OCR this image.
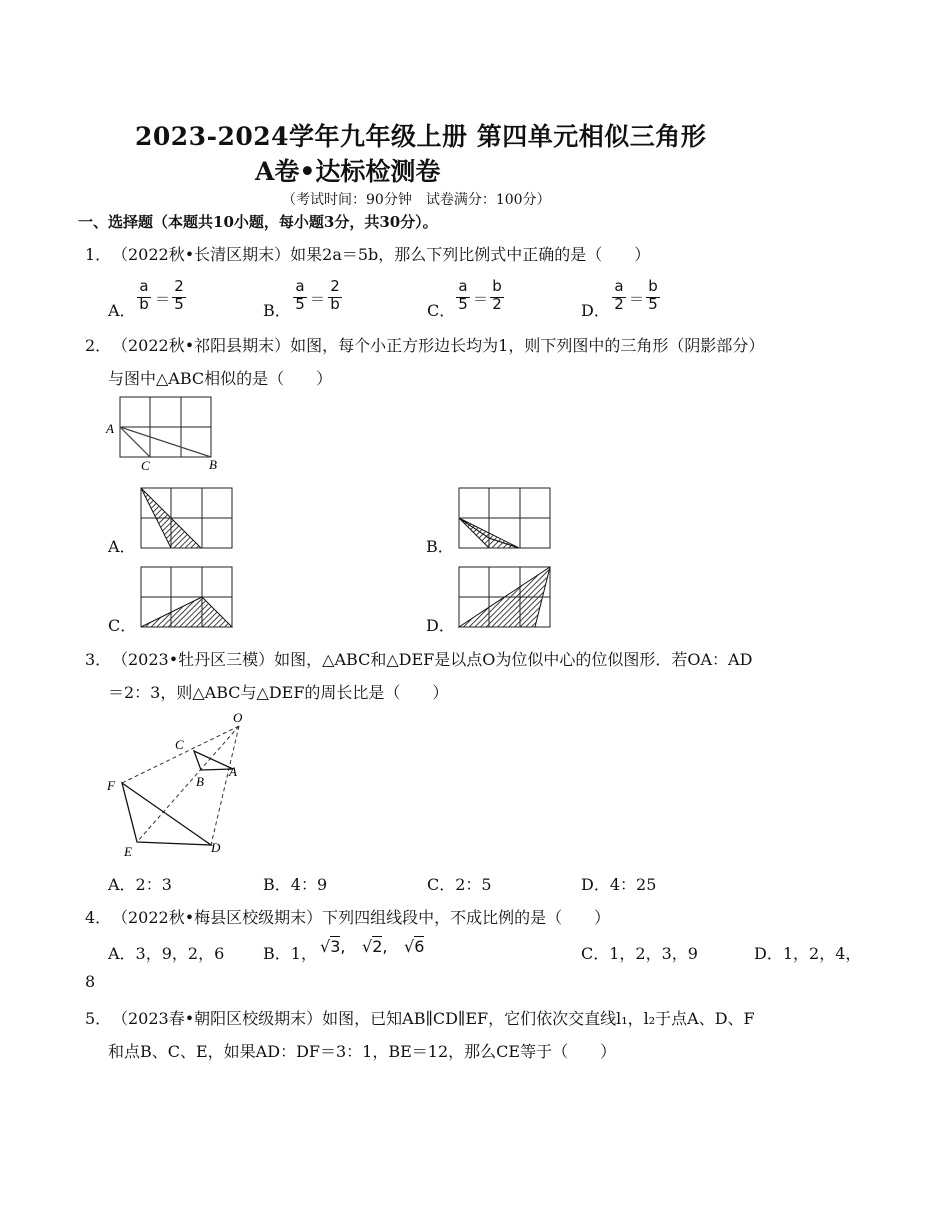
2023-2024学年九年级上册 第四单元相似三角形
A卷•达标检测卷
（考试时间：90分钟　试卷满分：100分）
一、选择题（本题共10小题，每小题3分，共30分）。
1． （2022秋•长清区期末）如果2a＝5b，那么下列比例式中正确的是（　　）
A．
a
b ＝
2
5	B．
a
5 ＝
2
b	C．
a
5 ＝
b
2	D．
a
2 ＝
b
5
2． （2022秋•祁阳县期末）如图，每个小正方形边长均为1，则下列图中的三角形（阴影部分）
与图中△ABC相似的是（　　）
A
C	B
A．	B．
C．	D．
3． （2023•牡丹区三模）如图，△ABC和△DEF是以点O为位似中心的位似图形．若OA：AD
＝2：3，则△ABC与△DEF的周长比是（　　）
O
C
B
A
F
E	D
A．2：3	B．4：9	C．2：5	D．4：25
4． （2022秋•梅县区校级期末）下列四组线段中，不成比例的是（　　）
A．3，9，2，6 B．1， √3, √2, √6	C．1，2，3，9	D．1，2，4，
8
5． （2023春•朝阳区校级期末）如图，已知AB∥CD∥EF，它们依次交直线l₁，l₂于点A、D、F
和点B、C、E，如果AD：DF＝3：1，BE＝12，那么CE等于（　　）
